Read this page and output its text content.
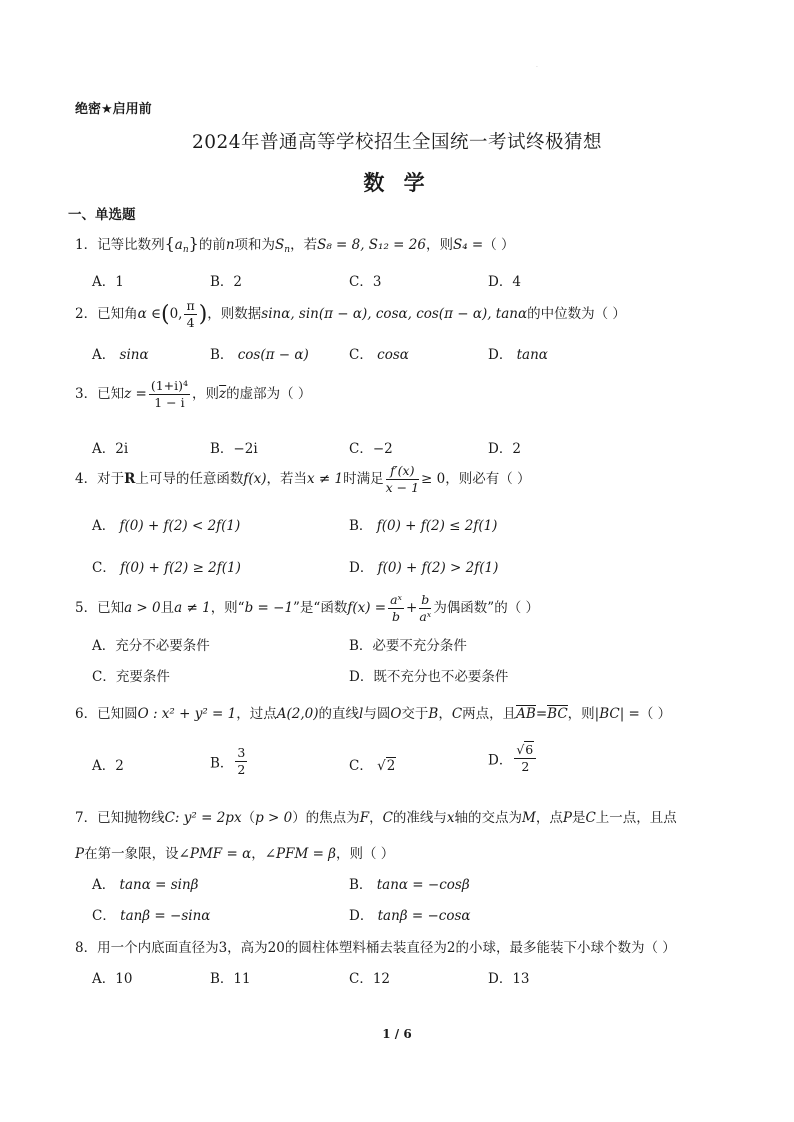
·
绝密★启用前
2024年普通高等学校招生全国统一考试终极猜想
数 学
一、单选题
1．记等比数列$\{a_n\}$的前n项和为$S_n$，若S₈ = 8, S₁₂ = 26，则S₄ =（ ）
A．1	B．2	C．3	D．4
2．已知角α ∈(0, $\frac{\pi}{4}$ )，则数据sinα, sin(π − α), cosα, cos(π − α), tanα的中位数为（ ）
A． sinα	B． cos(π − α)	C． cosα	D． tanα
3．已知$z = \frac{\text{(1+i)⁴}}{1 - i}$ ，则$\overline{z}$的虚部为（ ）
A．2i	B．−2i	C．−2	D．2
4．对于R上可导的任意函数f(x)，若当x ≠ 1时满足 $\frac{f'(x)}{x - 1} \ge 0$，则必有（ ）
A． f(0) + f(2) < 2f(1)	B． f(0) + f(2) ≤ 2f(1)
C． f(0) + f(2) ≥ 2f(1)	D． f(0) + f(2) > 2f(1)
5．已知a > 0且a ≠ 1，则“b = −1”是“函数$f(x) = \frac{\text{aˣ}}{b} + \frac{b}{\text{aˣ}}$ 为偶函数”的（ ）
A．充分不必要条件	B．必要不充分条件
C．充要条件	D．既不充分也不必要条件
6．已知圆O : x² + y² = 1，过点A(2,0)的直线l与圆O交于B，C两点，且AB=BC，则|BC| =（ ）
A．2	B． $\frac{3}{2}$	C． √2	D． $\frac{√6}{2}$
7．已知抛物线C: y² = 2px（p > 0）的焦点为F，C的准线与x轴的交点为M，点P是C上一点，且点
P在第一象限，设∠PMF = α，∠PFM = β，则（ ）
A． tanα = sinβ	B． tanα = −cosβ
C． tanβ = −sinα	D． tanβ = −cosα
8．用一个内底面直径为3，高为20的圆柱体塑料桶去装直径为2的小球，最多能装下小球个数为（ ）
A．10	B．11	C．12	D．13
1 / 6
